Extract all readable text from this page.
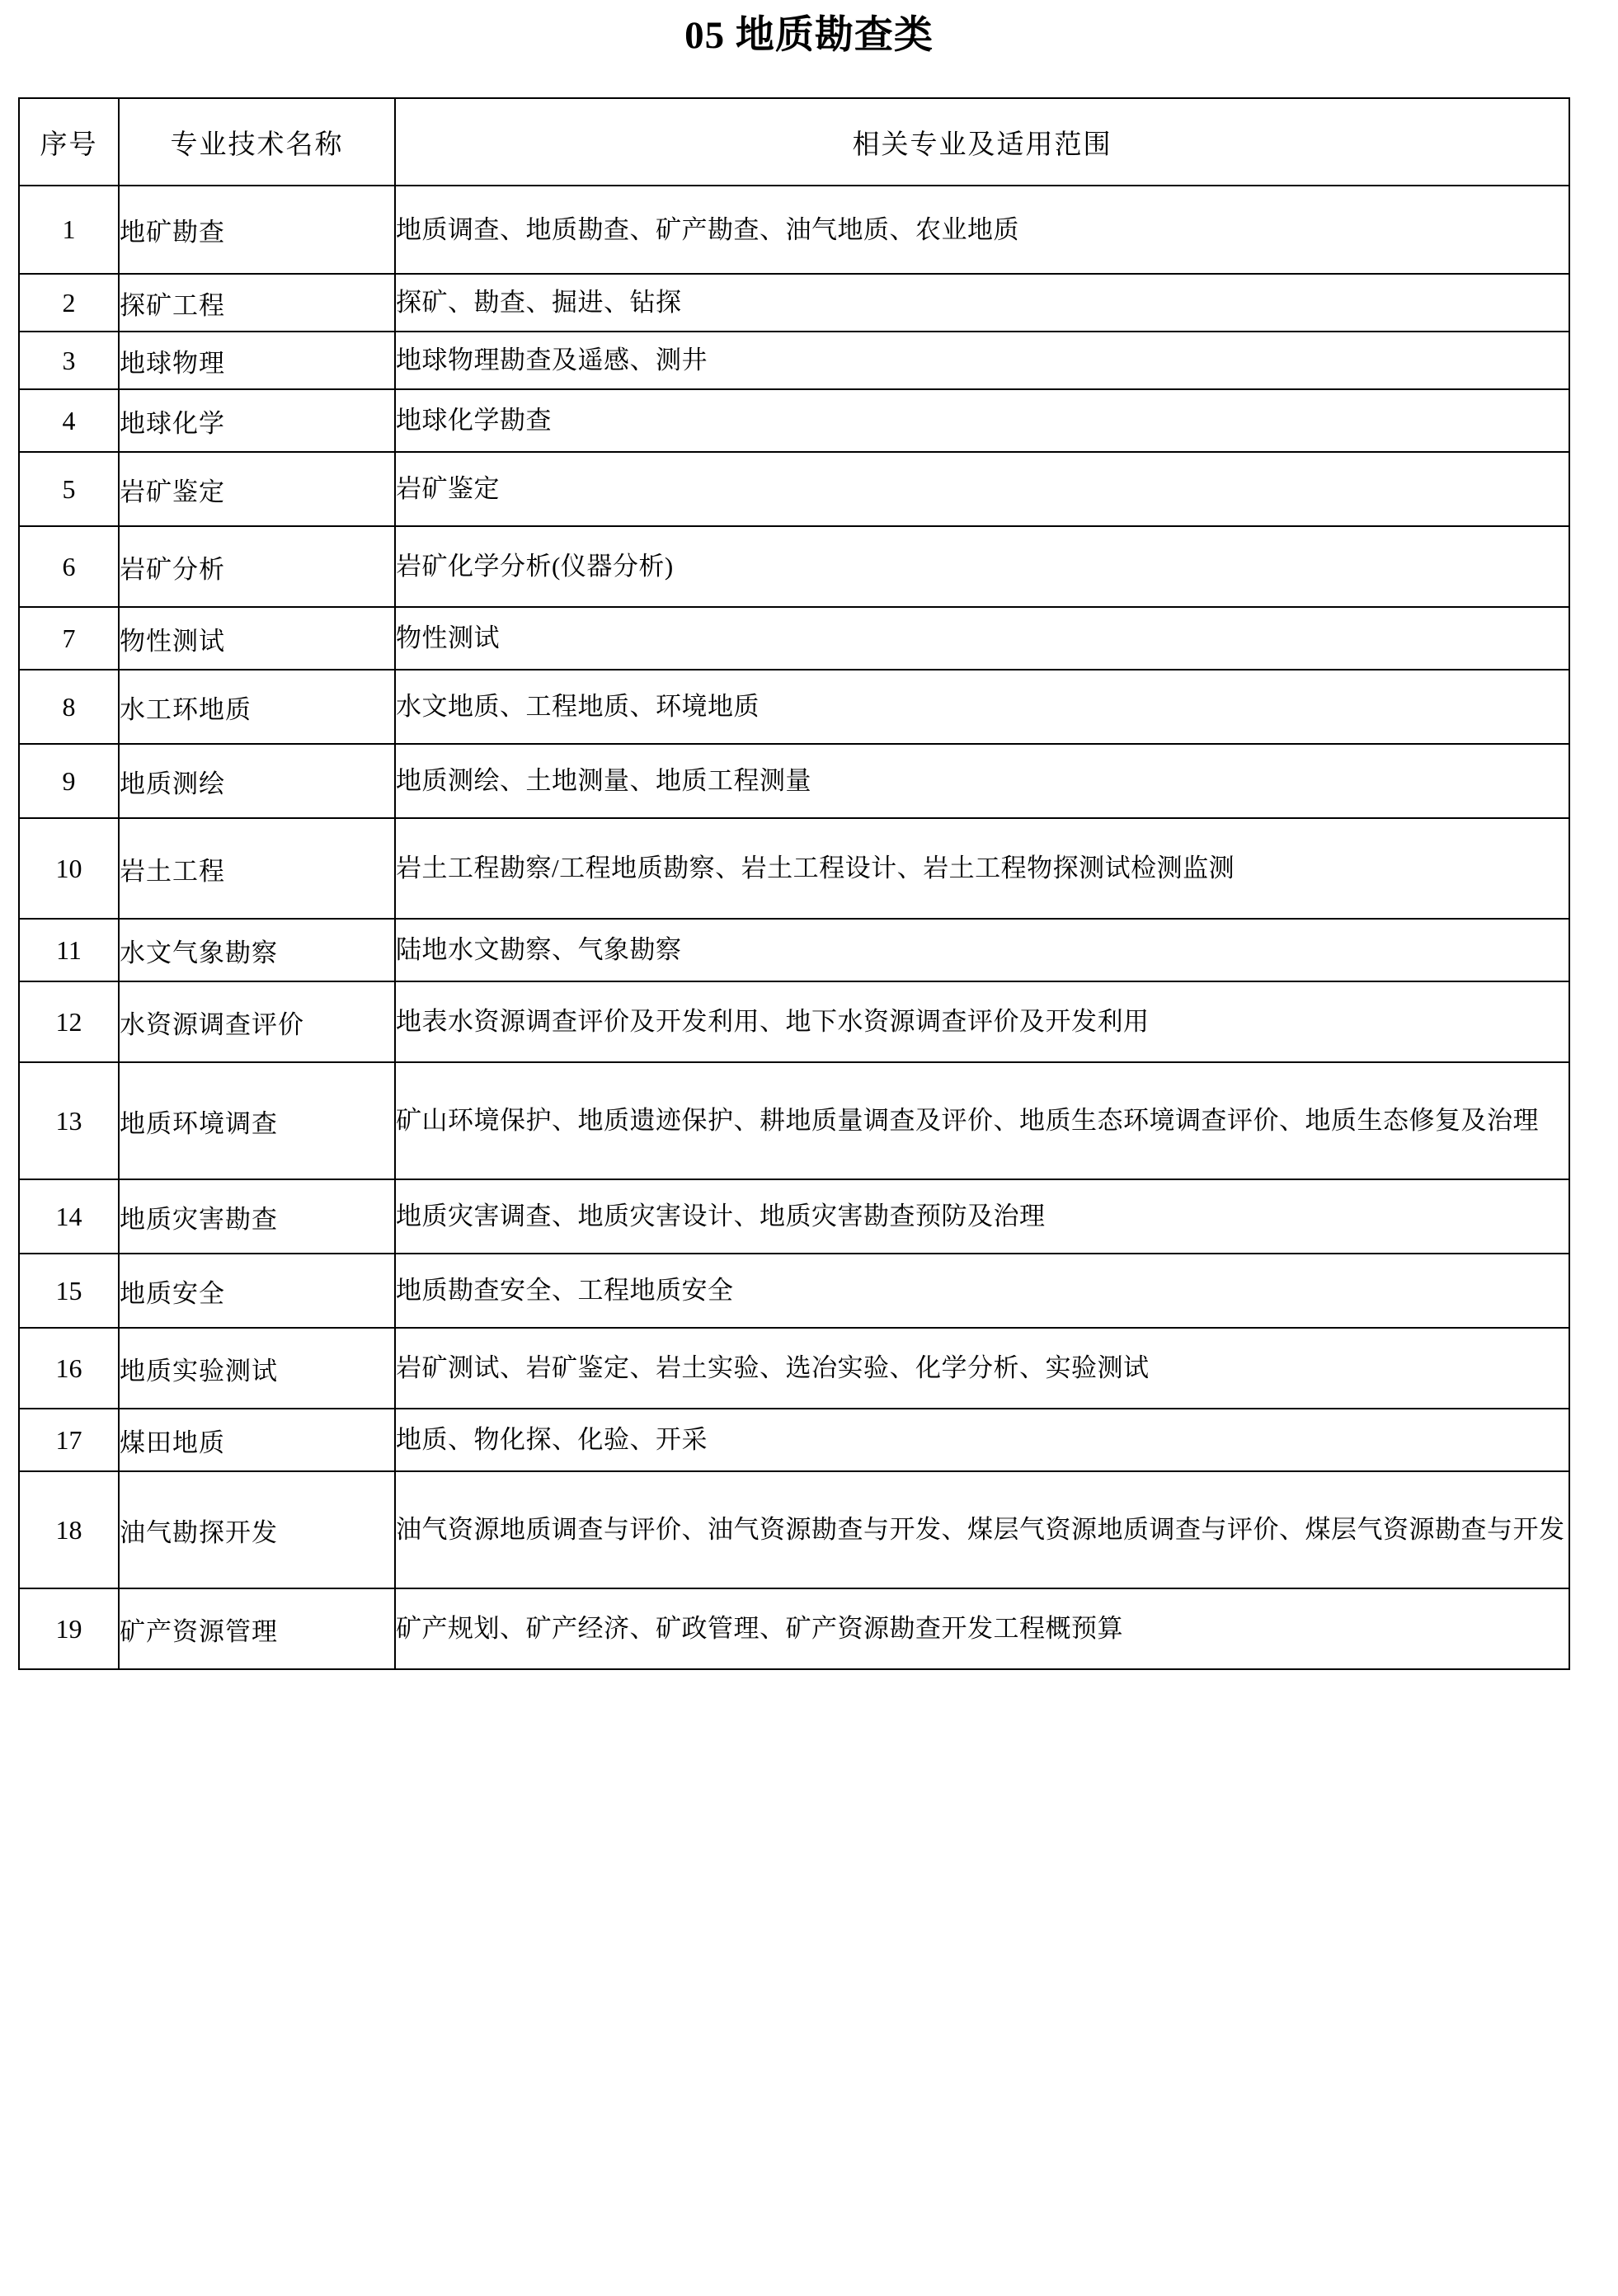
05 地质勘查类
序号	专业技术名称	相关专业及适用范围

1	地矿勘查	地质调查、地质勘查、矿产勘查、油气地质、农业地质
2	探矿工程	探矿、勘查、掘进、钻探
3	地球物理	地球物理勘查及遥感、测井
4	地球化学	地球化学勘查
5	岩矿鉴定	岩矿鉴定
6	岩矿分析	岩矿化学分析(仪器分析)
7	物性测试	物性测试
8	水工环地质	水文地质、工程地质、环境地质
9	地质测绘	地质测绘、土地测量、地质工程测量
10	岩土工程	岩土工程勘察/工程地质勘察、岩土工程设计、岩土工程物探测试检测监测
11	水文气象勘察	陆地水文勘察、气象勘察
12	水资源调查评价	地表水资源调查评价及开发利用、地下水资源调查评价及开发利用
13	地质环境调查	矿山环境保护、地质遗迹保护、耕地质量调查及评价、地质生态环境调查评价、地质生态修复及治理
14	地质灾害勘查	地质灾害调查、地质灾害设计、地质灾害勘查预防及治理
15	地质安全	地质勘查安全、工程地质安全
16	地质实验测试	岩矿测试、岩矿鉴定、岩土实验、选冶实验、化学分析、实验测试
17	煤田地质	地质、物化探、化验、开采
18	油气勘探开发	油气资源地质调查与评价、油气资源勘查与开发、煤层气资源地质调查与评价、煤层气资源勘查与开发
19	矿产资源管理	矿产规划、矿产经济、矿政管理、矿产资源勘查开发工程概预算
